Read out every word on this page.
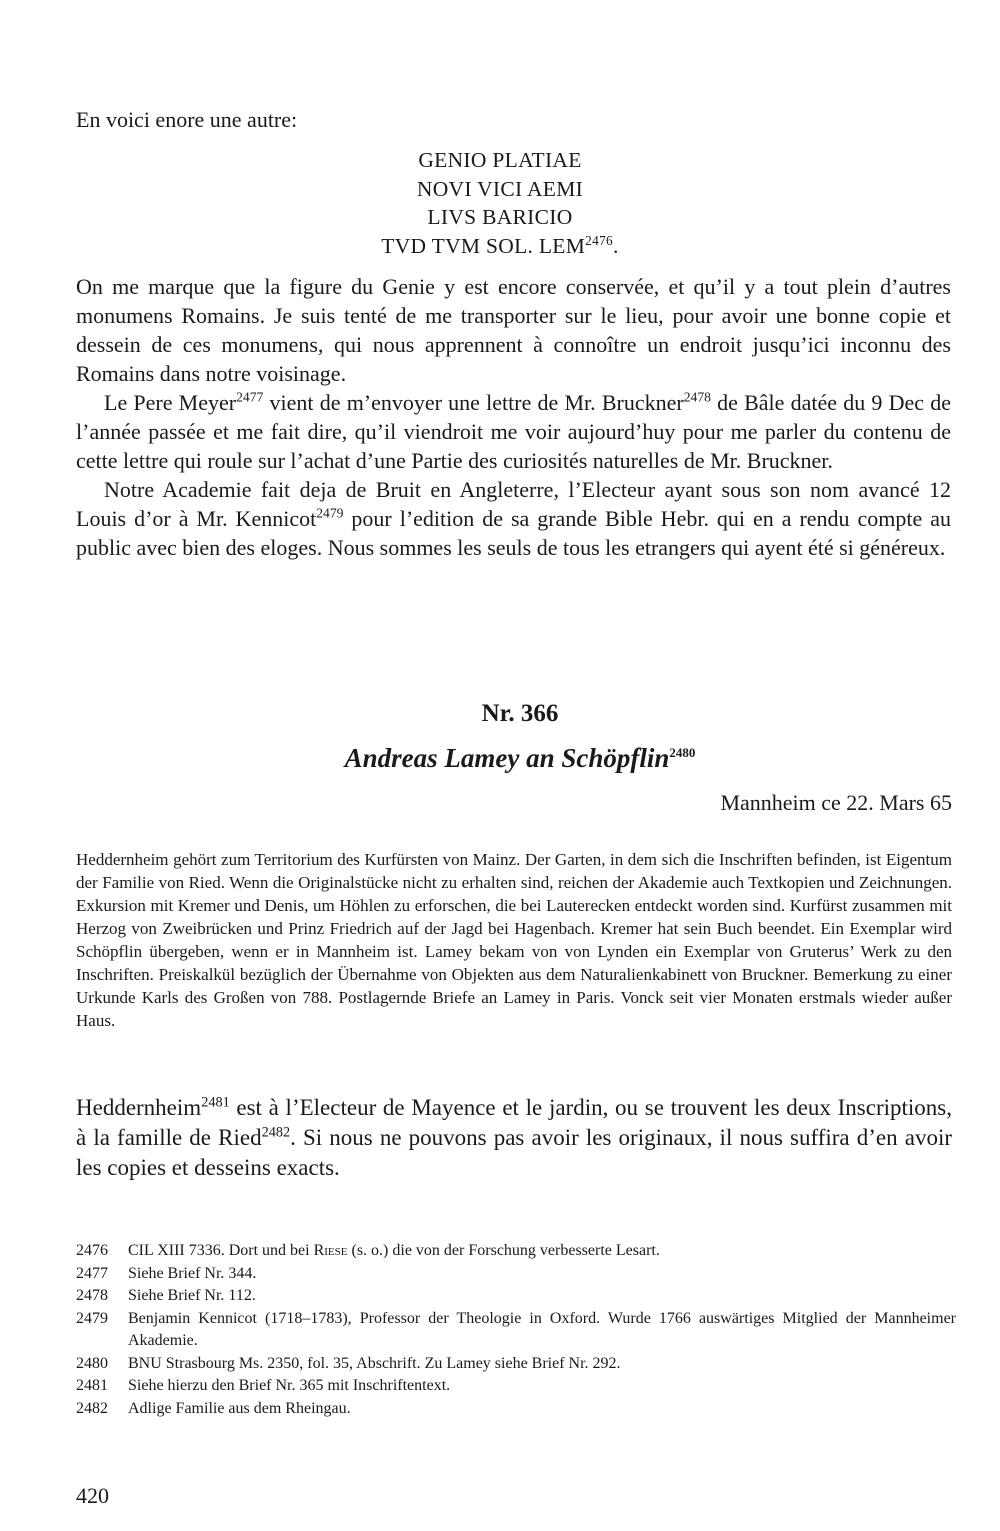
En voici enore une autre:

GENIO PLATIAE
NOVI VICI AEMI
LIVS BARICIO
TVD TVM SOL. $LEM^{2476}$.

On me marque que la figure du Genie y est encore conservée, et qu’il y a tout plein d’autres monumens Romains. Je suis tenté de me transporter sur le lieu, pour avoir une bonne copie et dessein de ces monumens, qui nous apprennent à connoître un endroit jusqu’ici inconnu des Romains dans notre voisinage.

Le Pere Meyer$^{2477}$ vient de m’envoyer une lettre de Mr. Bruckner$^{2478}$ de Bâle datée du 9 Dec de l’année passée et me fait dire, qu’il viendroit me voir aujourd’huy pour me parler du contenu de cette lettre qui roule sur l’achat d’une Partie des curiosités naturelles de Mr. Bruckner.

Notre Academie fait deja de Bruit en Angleterre, l’Electeur ayant sous son nom avancé 12 Louis d’or à Mr. Kennicot$^{2479}$ pour l’edition de sa grande Bible Hebr. qui en a rendu compte au public avec bien des eloges. Nous sommes les seuls de tous les etrangers qui ayent été si généreux.

Nr. 366
Andreas Lamey an Schöpflin$^{2480}$

Mannheim ce 22. Mars 65

Heddernheim gehört zum Territorium des Kurfürsten von Mainz. Der Garten, in dem sich die Inschriften befinden, ist Eigentum der Familie von Ried. Wenn die Originalstücke nicht zu erhalten sind, reichen der Akademie auch Textkopien und Zeichnungen. Exkursion mit Kremer und Denis, um Höhlen zu erforschen, die bei Lauterecken entdeckt worden sind. Kurfürst zusammen mit Herzog von Zweibrücken und Prinz Friedrich auf der Jagd bei Hagenbach. Kremer hat sein Buch beendet. Ein Exemplar wird Schöpflin übergeben, wenn er in Mannheim ist. Lamey bekam von von Lynden ein Exemplar von Gruterus’ Werk zu den Inschriften. Preiskalkül bezüglich der Übernahme von Objekten aus dem Naturalienkabinett von Bruckner. Bemerkung zu einer Urkunde Karls des Großen von 788. Postlagernde Briefe an Lamey in Paris. Vonck seit vier Monaten erstmals wieder außer Haus.

Heddernheim$^{2481}$ est à l’Electeur de Mayence et le jardin, ou se trouvent les deux Inscriptions, à la famille de Ried$^{2482}$. Si nous ne pouvons pas avoir les originaux, il nous suffira d’en avoir les copies et desseins exacts.

2476	CIL XIII 7336. Dort und bei Riese (s. o.) die von der Forschung verbesserte Lesart.
2477	Siehe Brief Nr. 344.
2478	Siehe Brief Nr. 112.
2479	Benjamin Kennicot (1718–1783), Professor der Theologie in Oxford. Wurde 1766 auswärtiges Mitglied der Mannheimer Akademie.
2480	BNU Strasbourg Ms. 2350, fol. 35, Abschrift. Zu Lamey siehe Brief Nr. 292.
2481	Siehe hierzu den Brief Nr. 365 mit Inschriftentext.
2482	Adlige Familie aus dem Rheingau.

420
